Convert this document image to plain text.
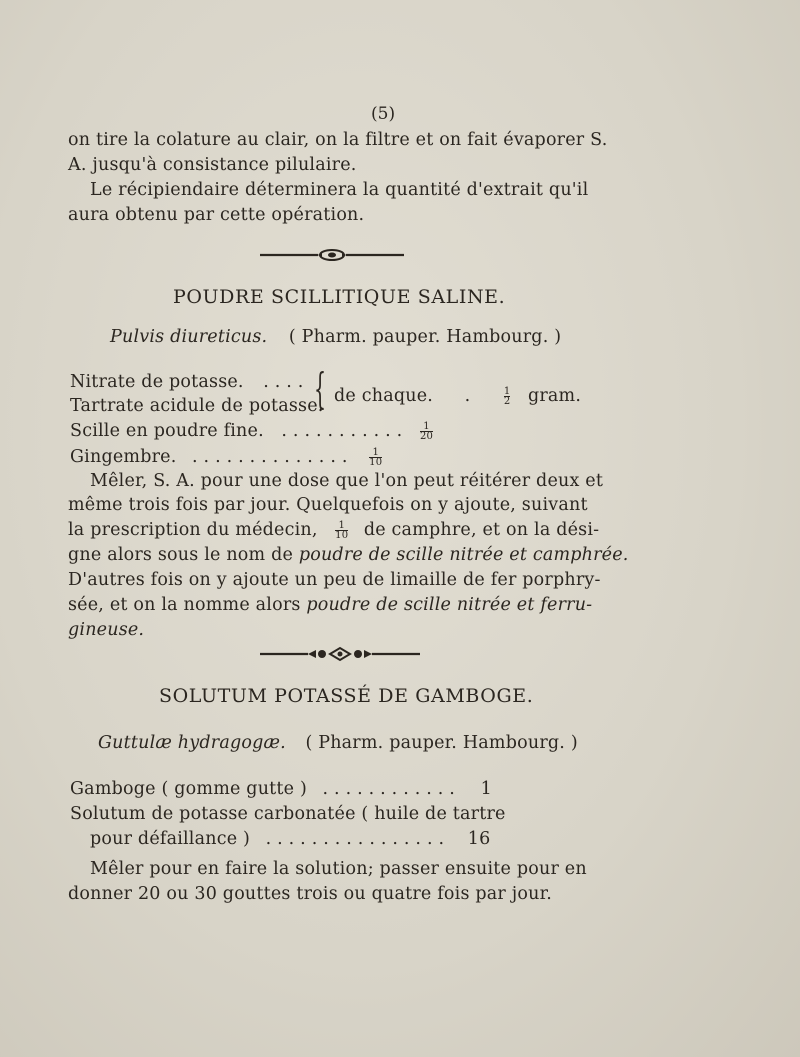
(5)
on tire la colature au clair, on la filtre et on fait évaporer S.
A. jusqu'à consistance pilulaire.
Le récipiendaire déterminera la quantité d'extrait qu'il
aura obtenu par cette opération.
POUDRE SCILLITIQUE SALINE.
Pulvis diureticus. ( Pharm. pauper. Hambourg. )
Nitrate de potasse. . . . .
Tartrate acidule de potasse.
{ de chaque. .	$\frac{1}{2}$ gram.
Scille en poudre fine. . . . . . . . . . . . $\frac{1}{20}$
Gingembre. . . . . . . . . . . . . . . $\frac{1}{10}$
Mêler, S. A. pour une dose que l'on peut réitérer deux et
même trois fois par jour. Quelquefois on y ajoute, suivant
la prescription du médecin, $\frac{1}{10}$ de camphre, et on la dési-
gne alors sous le nom de poudre de scille nitrée et camphrée.
D'autres fois on y ajoute un peu de limaille de fer porphry-
sée, et on la nomme alors poudre de scille nitrée et ferru-
gineuse.
SOLUTUM POTASSÉ DE GAMBOGE.
Guttulæ hydragogæ. ( Pharm. pauper. Hambourg. )
Gamboge ( gomme gutte ) . . . . . . . . . . . . 1
Solutum de potasse carbonatée ( huile de tartre
pour défaillance ) . . . . . . . . . . . . . . . . 16
Mêler pour en faire la solution; passer ensuite pour en
donner 20 ou 30 gouttes trois ou quatre fois par jour.
